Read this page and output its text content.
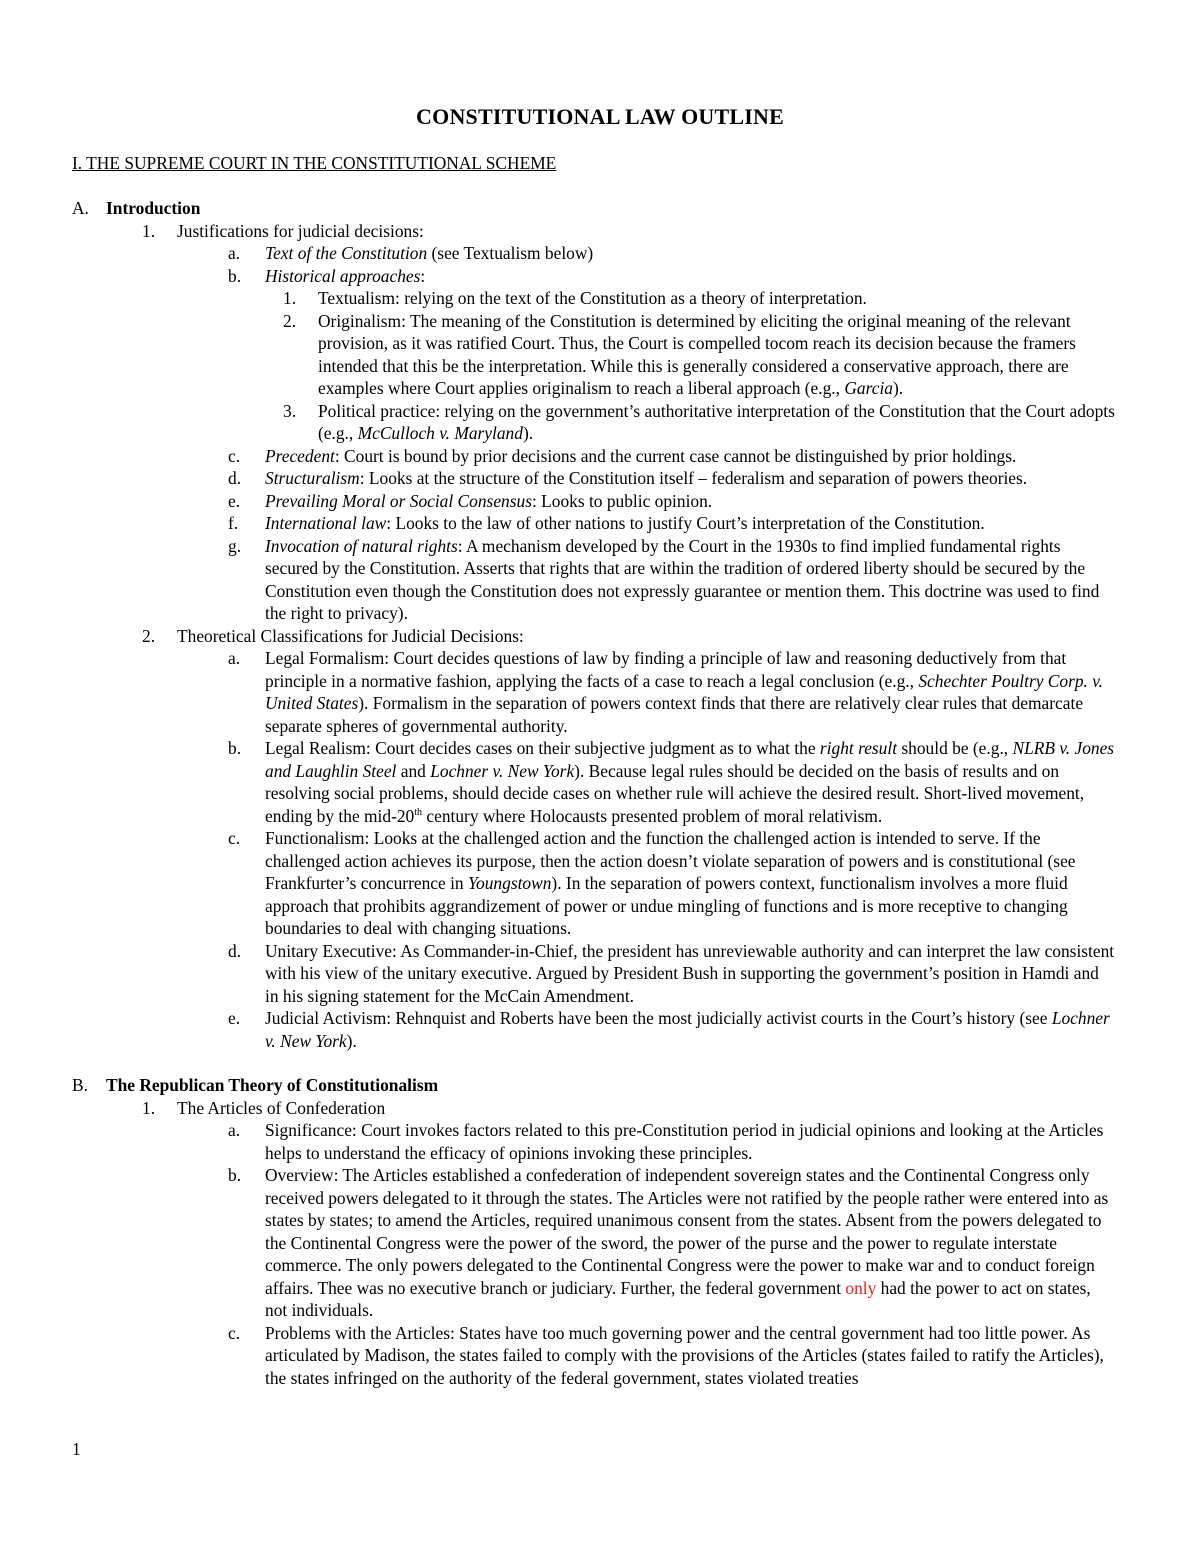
CONSTITUTIONAL LAW OUTLINE
I. THE SUPREME COURT IN THE CONSTITUTIONAL SCHEME
A. Introduction
1. Justifications for judicial decisions:
a. Text of the Constitution (see Textualism below)
b. Historical approaches:
1. Textualism: relying on the text of the Constitution as a theory of interpretation.
2. Originalism: The meaning of the Constitution is determined by eliciting the original meaning of the relevant provision, as it was ratified Court. Thus, the Court is compelled tocom reach its decision because the framers intended that this be the interpretation. While this is generally considered a conservative approach, there are examples where Court applies originalism to reach a liberal approach (e.g., Garcia).
3. Political practice: relying on the government’s authoritative interpretation of the Constitution that the Court adopts (e.g., McCulloch v. Maryland).
c. Precedent: Court is bound by prior decisions and the current case cannot be distinguished by prior holdings.
d. Structuralism: Looks at the structure of the Constitution itself – federalism and separation of powers theories.
e. Prevailing Moral or Social Consensus: Looks to public opinion.
f. International law: Looks to the law of other nations to justify Court’s interpretation of the Constitution.
g. Invocation of natural rights: A mechanism developed by the Court in the 1930s to find implied fundamental rights secured by the Constitution. Asserts that rights that are within the tradition of ordered liberty should be secured by the Constitution even though the Constitution does not expressly guarantee or mention them. This doctrine was used to find the right to privacy).
2. Theoretical Classifications for Judicial Decisions:
a. Legal Formalism: Court decides questions of law by finding a principle of law and reasoning deductively from that principle in a normative fashion, applying the facts of a case to reach a legal conclusion (e.g., Schechter Poultry Corp. v. United States). Formalism in the separation of powers context finds that there are relatively clear rules that demarcate separate spheres of governmental authority.
b. Legal Realism: Court decides cases on their subjective judgment as to what the right result should be (e.g., NLRB v. Jones and Laughlin Steel and Lochner v. New York). Because legal rules should be decided on the basis of results and on resolving social problems, should decide cases on whether rule will achieve the desired result. Short-lived movement, ending by the mid-20th century where Holocausts presented problem of moral relativism.
c. Functionalism: Looks at the challenged action and the function the challenged action is intended to serve. If the challenged action achieves its purpose, then the action doesn’t violate separation of powers and is constitutional (see Frankfurter’s concurrence in Youngstown). In the separation of powers context, functionalism involves a more fluid approach that prohibits aggrandizement of power or undue mingling of functions and is more receptive to changing boundaries to deal with changing situations.
d. Unitary Executive: As Commander-in-Chief, the president has unreviewable authority and can interpret the law consistent with his view of the unitary executive. Argued by President Bush in supporting the government’s position in Hamdi and in his signing statement for the McCain Amendment.
e. Judicial Activism: Rehnquist and Roberts have been the most judicially activist courts in the Court’s history (see Lochner v. New York).
B. The Republican Theory of Constitutionalism
1. The Articles of Confederation
a. Significance: Court invokes factors related to this pre-Constitution period in judicial opinions and looking at the Articles helps to understand the efficacy of opinions invoking these principles.
b. Overview: The Articles established a confederation of independent sovereign states and the Continental Congress only received powers delegated to it through the states. The Articles were not ratified by the people rather were entered into as states by states; to amend the Articles, required unanimous consent from the states. Absent from the powers delegated to the Continental Congress were the power of the sword, the power of the purse and the power to regulate interstate commerce. The only powers delegated to the Continental Congress were the power to make war and to conduct foreign affairs. Thee was no executive branch or judiciary. Further, the federal government only had the power to act on states, not individuals.
c. Problems with the Articles: States have too much governing power and the central government had too little power. As articulated by Madison, the states failed to comply with the provisions of the Articles (states failed to ratify the Articles), the states infringed on the authority of the federal government, states violated treaties
1
